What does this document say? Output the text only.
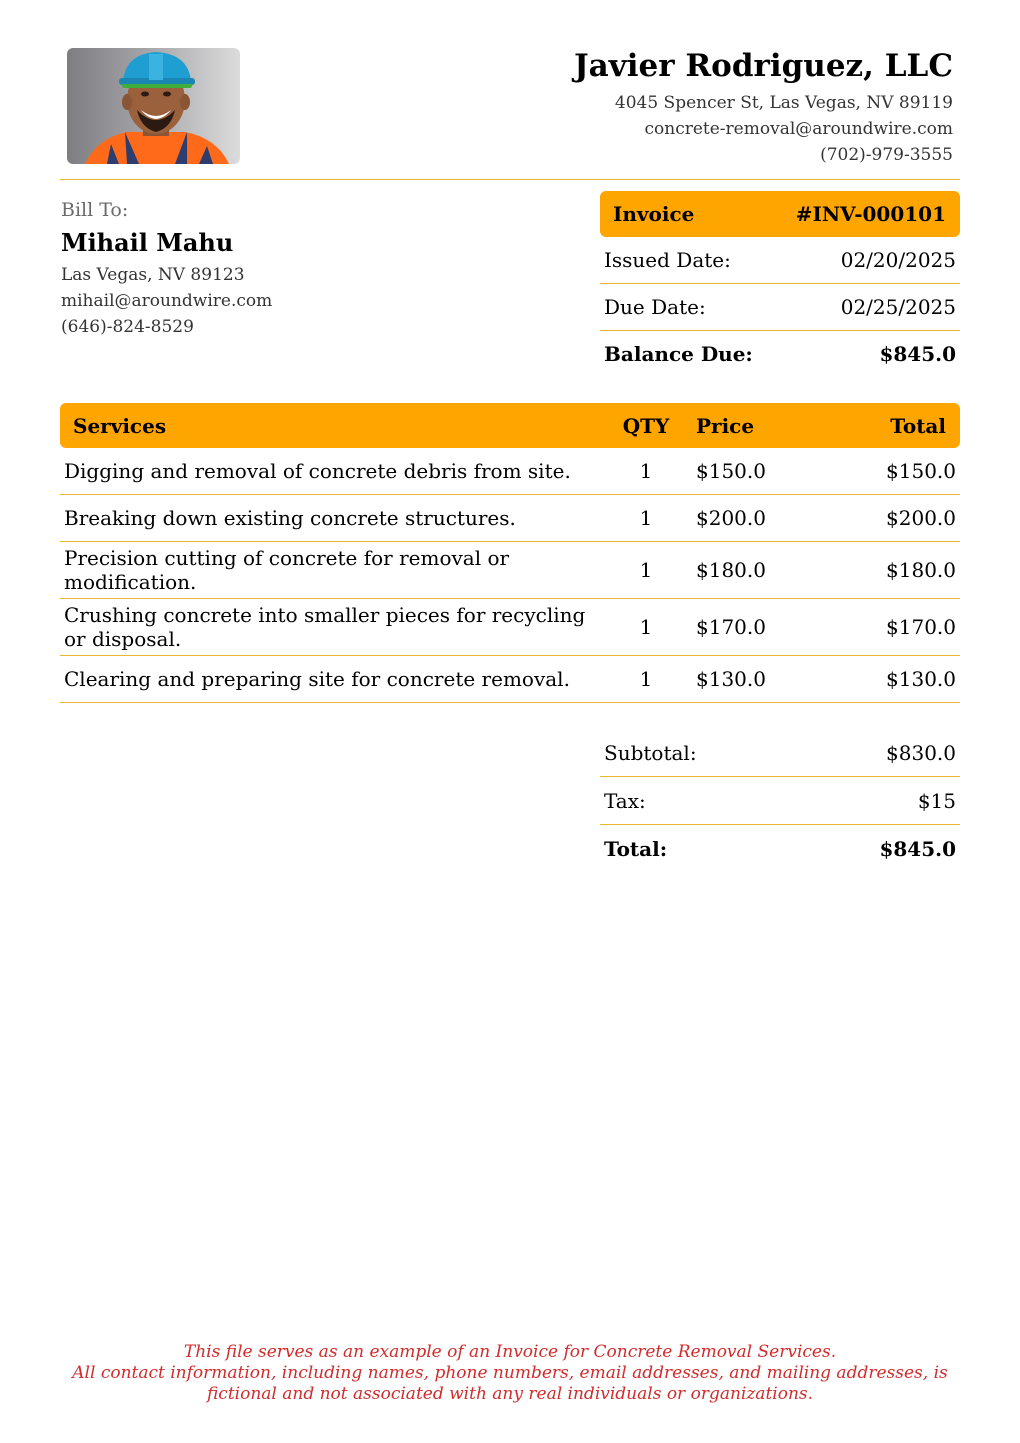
Javier Rodriguez, LLC
4045 Spencer St, Las Vegas, NV 89119
concrete-removal@aroundwire.com
(702)-979-3555
Bill To:
Mihail Mahu
Las Vegas, NV 89123
mihail@aroundwire.com
(646)-824-8529
Invoice	#INV-000101
Issued Date:	02/20/2025
Due Date:	02/25/2025
Balance Due:	$845.0
Services	QTY	Price	Total
Digging and removal of concrete debris from site.	1	$150.0	$150.0
Breaking down existing concrete structures.	1	$200.0	$200.0
Precision cutting of concrete for removal or modification.	1	$180.0	$180.0
Crushing concrete into smaller pieces for recycling or disposal.	1	$170.0	$170.0
Clearing and preparing site for concrete removal.	1	$130.0	$130.0
Subtotal:	$830.0
Tax:	$15
Total:	$845.0
This file serves as an example of an Invoice for Concrete Removal Services.
All contact information, including names, phone numbers, email addresses, and mailing addresses, is
fictional and not associated with any real individuals or organizations.
